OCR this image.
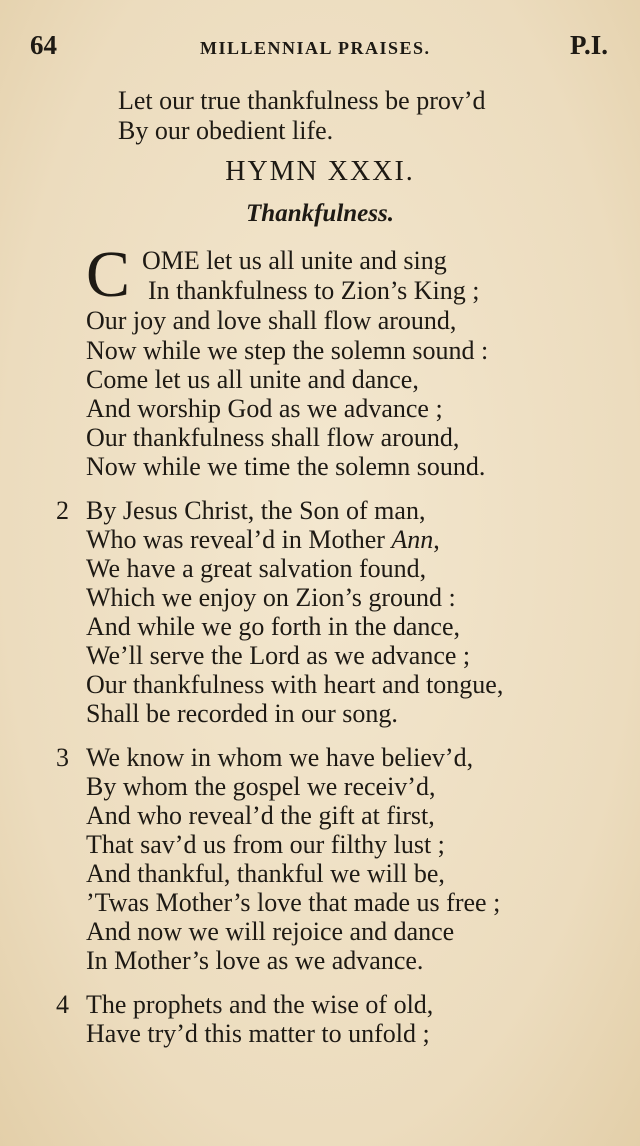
64	MILLENNIAL PRAISES.	P.I.
Let our true thankfulness be prov’d
By our obedient life.
HYMN XXXI.
Thankfulness.
C OME let us all unite and sing
In thankfulness to Zion’s King ;
Our joy and love shall flow around,
Now while we step the solemn sound :
Come let us all unite and dance,
And worship God as we advance ;
Our thankfulness shall flow around,
Now while we time the solemn sound.
2 By Jesus Christ, the Son of man,
Who was reveal’d in Mother Ann,
We have a great salvation found,
Which we enjoy on Zion’s ground :
And while we go forth in the dance,
We’ll serve the Lord as we advance ;
Our thankfulness with heart and tongue,
Shall be recorded in our song.
3 We know in whom we have believ’d,
By whom the gospel we receiv’d,
And who reveal’d the gift at first,
That sav’d us from our filthy lust ;
And thankful, thankful we will be,
’Twas Mother’s love that made us free ;
And now we will rejoice and dance
In Mother’s love as we advance.
4 The prophets and the wise of old,
Have try’d this matter to unfold ;
